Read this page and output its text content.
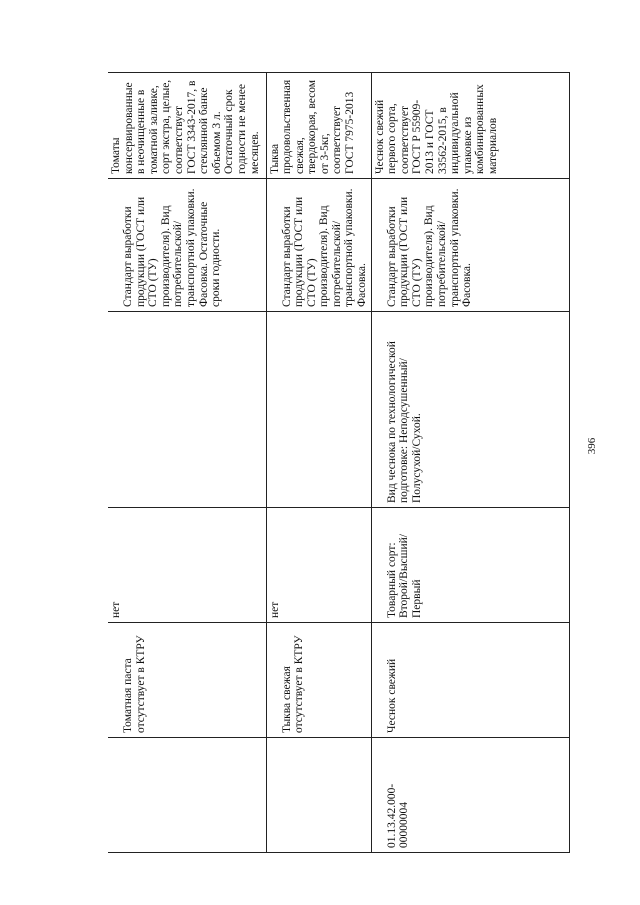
	Томатная паста отсутствует в КТРУ	нет		Стандарт выработки продукции (ГОСТ или СТО (ТУ) производителя). Вид потребительской/транспортной упаковки. Фасовка. Остаточные сроки годности.	Томаты консервированные в неочищенные в томатной заливке, сорт экстра, целые, соответствует ГОСТ 3343-2017, в стеклянной банке объемом 3 л. Остаточный срок годности не менее месяцев.
	Тыква свежая отсутствует в КТРУ	нет		Стандарт выработки продукции (ГОСТ или СТО (ТУ) производителя). Вид потребительской/транспортной упаковки. Фасовка.	Тыква продовольственная свежая, твердокорая, весом от 3-5кг, соответствует ГОСТ 7975-2013
01.13.42.000-00000004	Чеснок свежий	Товарный сорт: Второй/Высший/Первый	Вид чеснока по технологической подготовке: Неподсушенный/Полусухой/Сухой.	Стандарт выработки продукции (ГОСТ или СТО (ТУ) производителя). Вид потребительской/транспортной упаковки. Фасовка.	Чеснок свежий первого сорта, соответствует ГОСТ Р 55909-2013 и ГОСТ 33562-2015, в индивидуальной упаковке из комбинированных материалов
396
